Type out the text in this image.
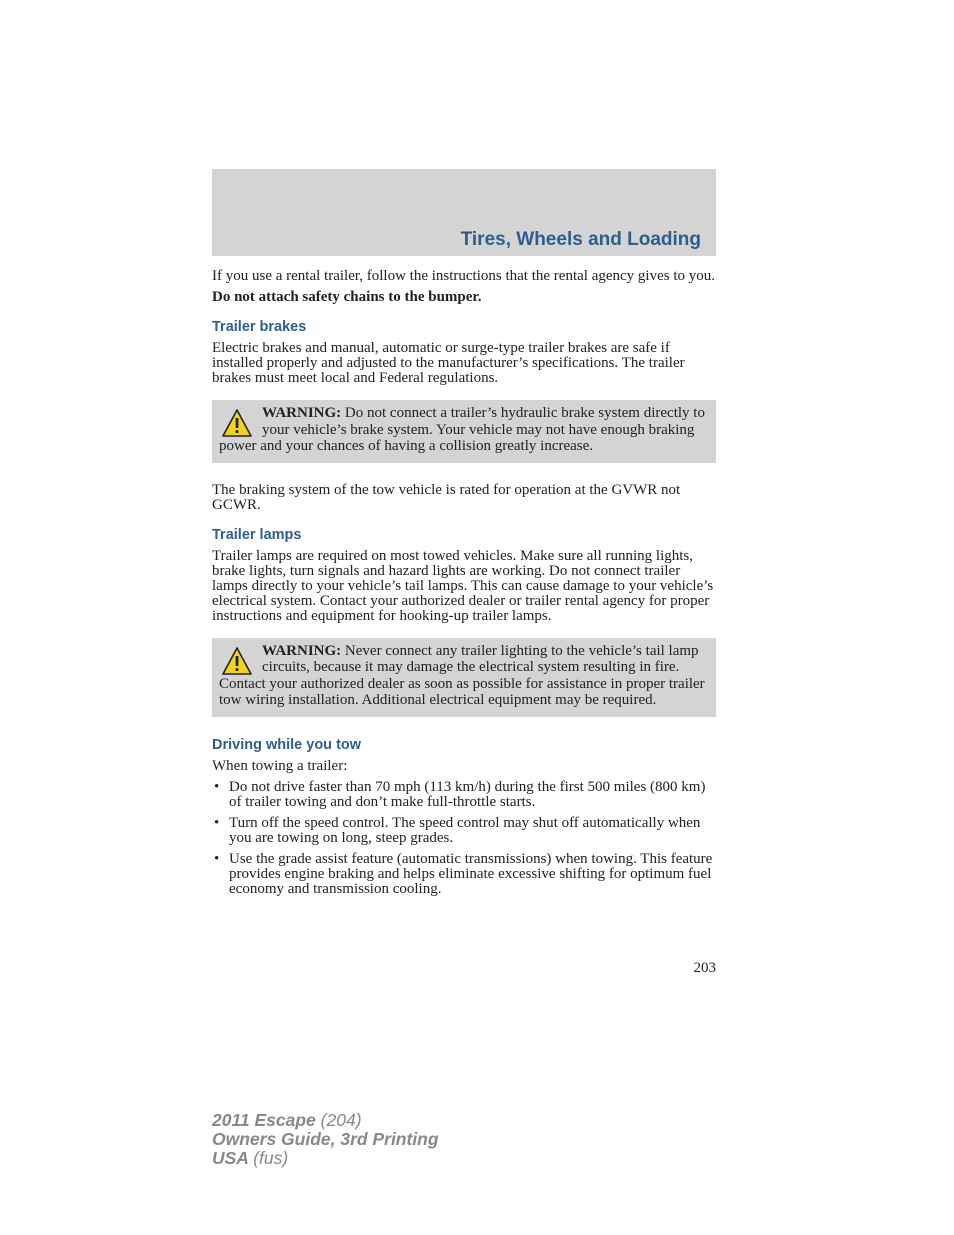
Tires, Wheels and Loading

If you use a rental trailer, follow the instructions that the rental agency gives to you.

Do not attach safety chains to the bumper.

Trailer brakes

Electric brakes and manual, automatic or surge-type trailer brakes are safe if installed properly and adjusted to the manufacturer’s specifications. The trailer brakes must meet local and Federal regulations.

WARNING: Do not connect a trailer’s hydraulic brake system directly to your vehicle’s brake system. Your vehicle may not have enough braking power and your chances of having a collision greatly increase.

The braking system of the tow vehicle is rated for operation at the GVWR not GCWR.

Trailer lamps

Trailer lamps are required on most towed vehicles. Make sure all running lights, brake lights, turn signals and hazard lights are working. Do not connect trailer lamps directly to your vehicle’s tail lamps. This can cause damage to your vehicle’s electrical system. Contact your authorized dealer or trailer rental agency for proper instructions and equipment for hooking-up trailer lamps.

WARNING: Never connect any trailer lighting to the vehicle’s tail lamp circuits, because it may damage the electrical system resulting in fire. Contact your authorized dealer as soon as possible for assistance in proper trailer tow wiring installation. Additional electrical equipment may be required.
Driving while you tow

When towing a trailer:

• Do not drive faster than 70 mph (113 km/h) during the first 500 miles (800 km) of trailer towing and don’t make full-throttle starts.
• Turn off the speed control. The speed control may shut off automatically when you are towing on long, steep grades.
• Use the grade assist feature (automatic transmissions) when towing. This feature provides engine braking and helps eliminate excessive shifting for optimum fuel economy and transmission cooling.
203
2011 Escape (204)
Owners Guide, 3rd Printing
USA (fus)
